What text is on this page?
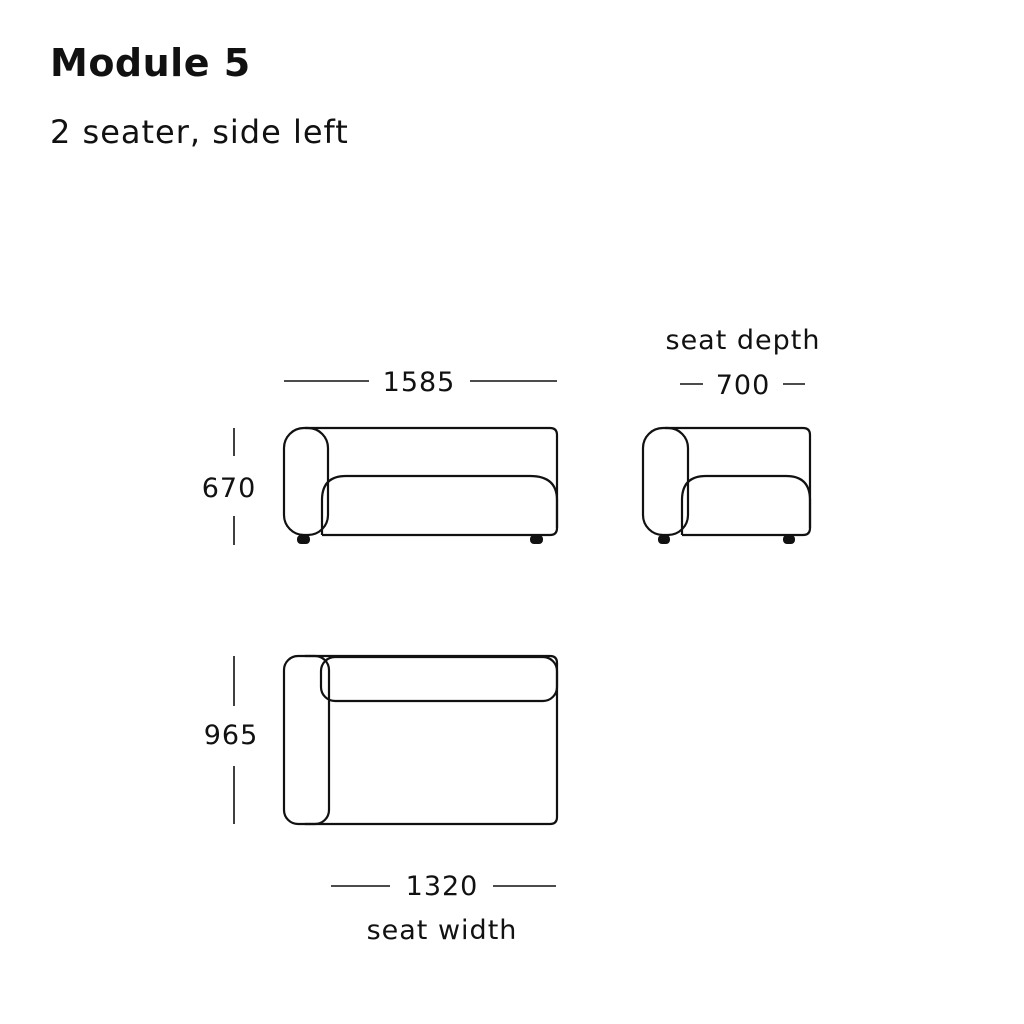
Module 5
2 seater, side left
1585
670
seat depth
700
965
1320
seat width
